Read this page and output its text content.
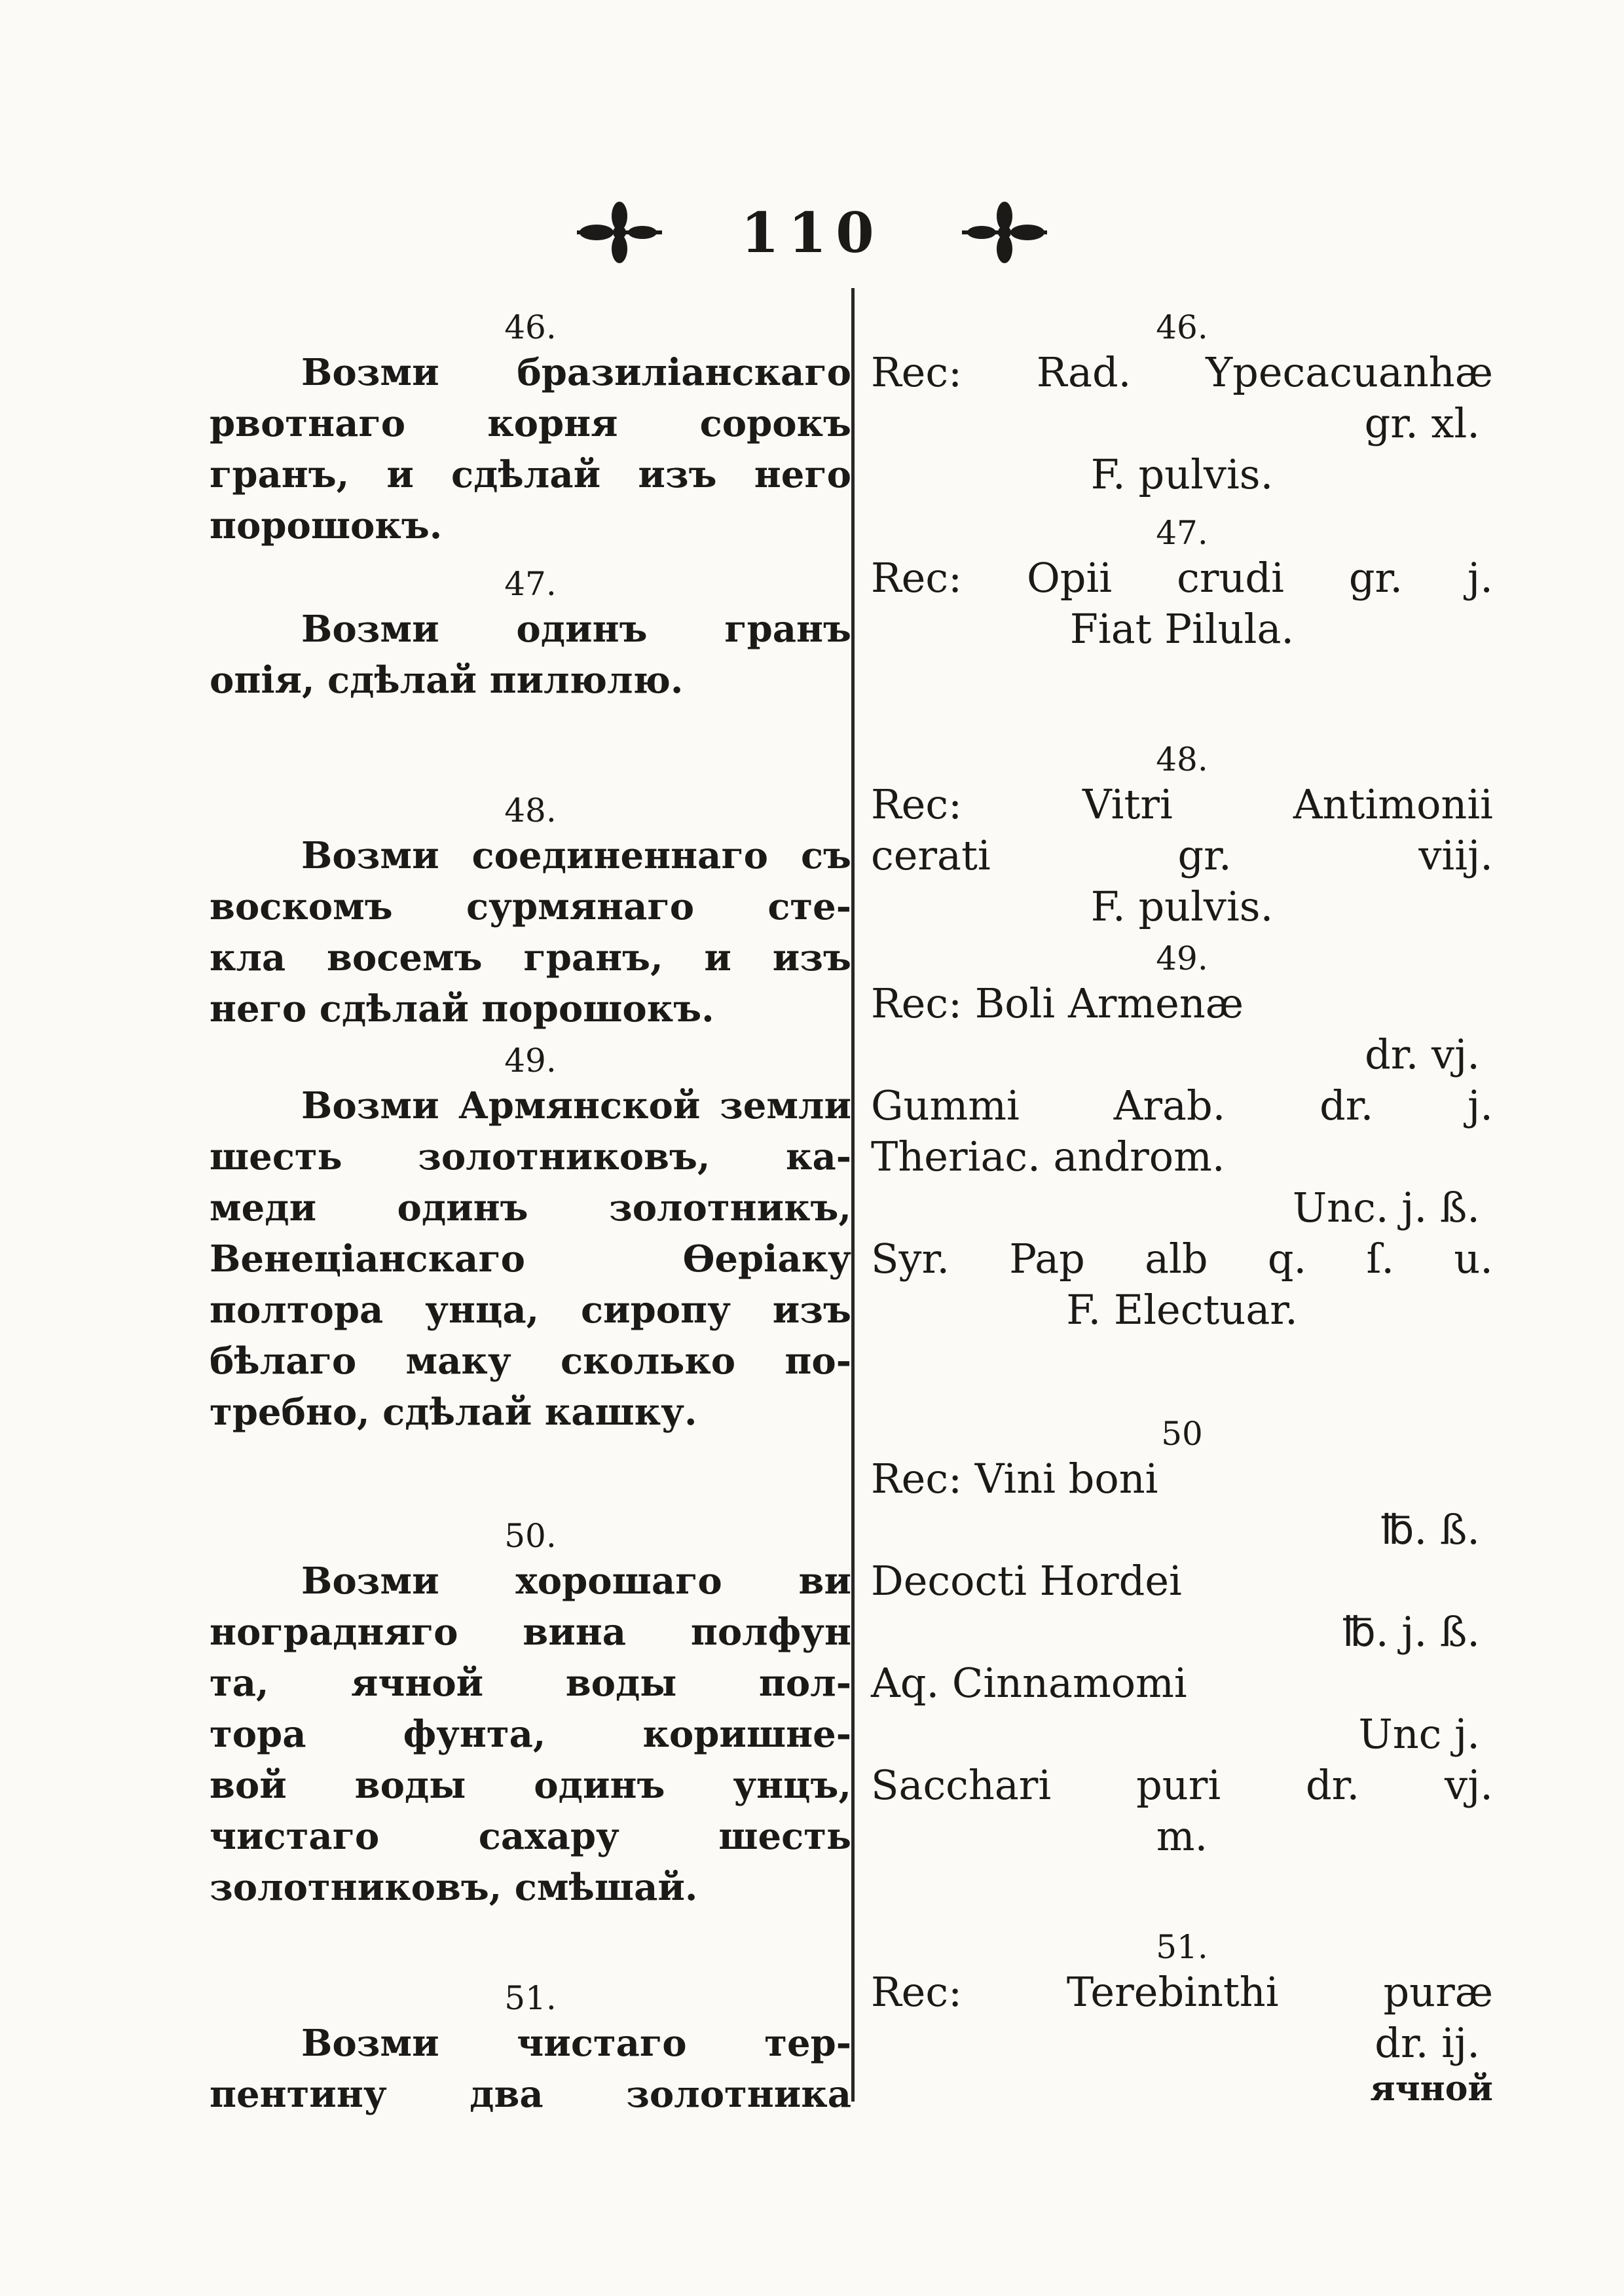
110

46.

Возми бразиліанскаго

рвотнаго корня сорокъ

гранъ, и сдѣлай изъ него

порошокъ.

47.

Возми одинъ гранъ

опія, сдѣлай пилюлю.

48.

Возми соединеннаго съ

воскомъ сурмянаго сте-

кла восемъ гранъ, и изъ

него сдѣлай порошокъ.

49.

Возми Армянской земли

шесть золотниковъ, ка-

меди одинъ золотникъ,

Венеціанскаго Ѳеріаку

полтора унца, сиропу изъ

бѣлаго маку сколько по-

требно, сдѣлай кашку.

50.

Возми хорошаго ви

ноградняго вина полфун

та, ячной воды пол-

тора фунта, коришне-

вой воды одинъ унцъ,

чистаго сахару шесть

золотниковъ, смѣшай.

51.

Возми чистаго тер-

пентину два золотника

46.

Rec: Rad. Ypecacuanhæ

gr. xl.

F. pulvis.

47.

Rec: Opii crudi gr. j.

Fiat Pilula.

48.

Rec: Vitri Antimonii

cerati gr. viij.

F. pulvis.

49.

Rec: Boli Armenæ

dr. vj.

Gummi Arab. dr. j.

Theriac. androm.

Unc. j. ß.

Syr. Pap alb q. ſ. u.

F. Electuar.

50

Rec: Vini boni

℔. ß.

Decocti Hordei

℔. j. ß.

Aq. Cinnamomi

Unc j.

Sacchari puri dr. vj.

m.

51.

Rec: Terebinthi puræ

dr. ij.

ячной
